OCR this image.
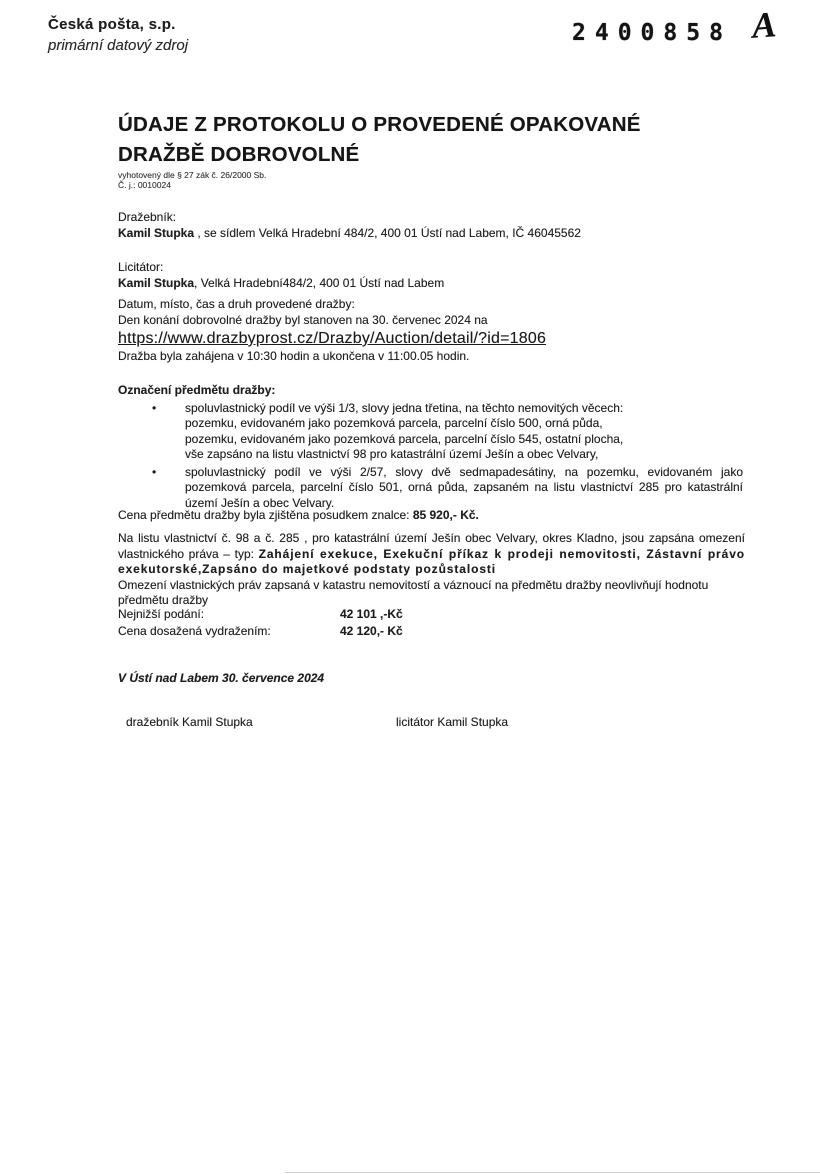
Česká pošta, s.p.
primární datový zdroj	2400858 A
ÚDAJE Z PROTOKOLU O PROVEDENÉ OPAKOVANÉ
DRAŽBĚ DOBROVOLNÉ
vyhotovený dle § 27 zák č. 26/2000 Sb.
Č. j.: 0010024
Dražebník:
Kamil Stupka , se sídlem Velká Hradební 484/2, 400 01 Ústí nad Labem, IČ 46045562
Licitátor:
Kamil Stupka, Velká Hradební484/2, 400 01 Ústí nad Labem
Datum, místo, čas a druh provedené dražby:
Den konání dobrovolné dražby byl stanoven na 30. červenec 2024 na
https://www.drazbyprost.cz/Drazby/Auction/detail/?id=1806
Dražba byla zahájena v 10:30 hodin a ukončena v 11:00.05 hodin.
Označení předmětu dražby:
•	spoluvlastnický podíl ve výši 1/3, slovy jedna třetina, na těchto nemovitých věcech:
pozemku, evidovaném jako pozemková parcela, parcelní číslo 500, orná půda,
pozemku, evidovaném jako pozemková parcela, parcelní číslo 545, ostatní plocha,
vše zapsáno na listu vlastnictví 98 pro katastrální území Ješín a obec Velvary,
•	spoluvlastnický podíl ve výši 2/57, slovy dvě sedmapadesátiny, na pozemku, evidovaném jako pozemková parcela, parcelní číslo 501, orná půda, zapsaném na listu vlastnictví 285 pro katastrální území Ješín a obec Velvary.
Cena předmětu dražby byla zjištěna posudkem znalce: 85 920,- Kč.
Na listu vlastnictví č. 98 a č. 285 , pro katastrální území Ješín obec Velvary, okres Kladno, jsou zapsána omezení vlastnického práva – typ: Zahájení exekuce, Exekuční příkaz k prodeji nemovitosti, Zástavní právo exekutorské,Zapsáno do majetkové podstaty pozůstalosti
Omezení vlastnických práv zapsaná v katastru nemovitostí a váznoucí na předmětu dražby neovlivňují hodnotu předmětu dražby
Nejnižší podání:	42 101 ,-Kč
Cena dosažená vydražením:	42 120,- Kč
V Ústí nad Labem 30. července 2024
dražebník Kamil Stupka	licitátor Kamil Stupka
